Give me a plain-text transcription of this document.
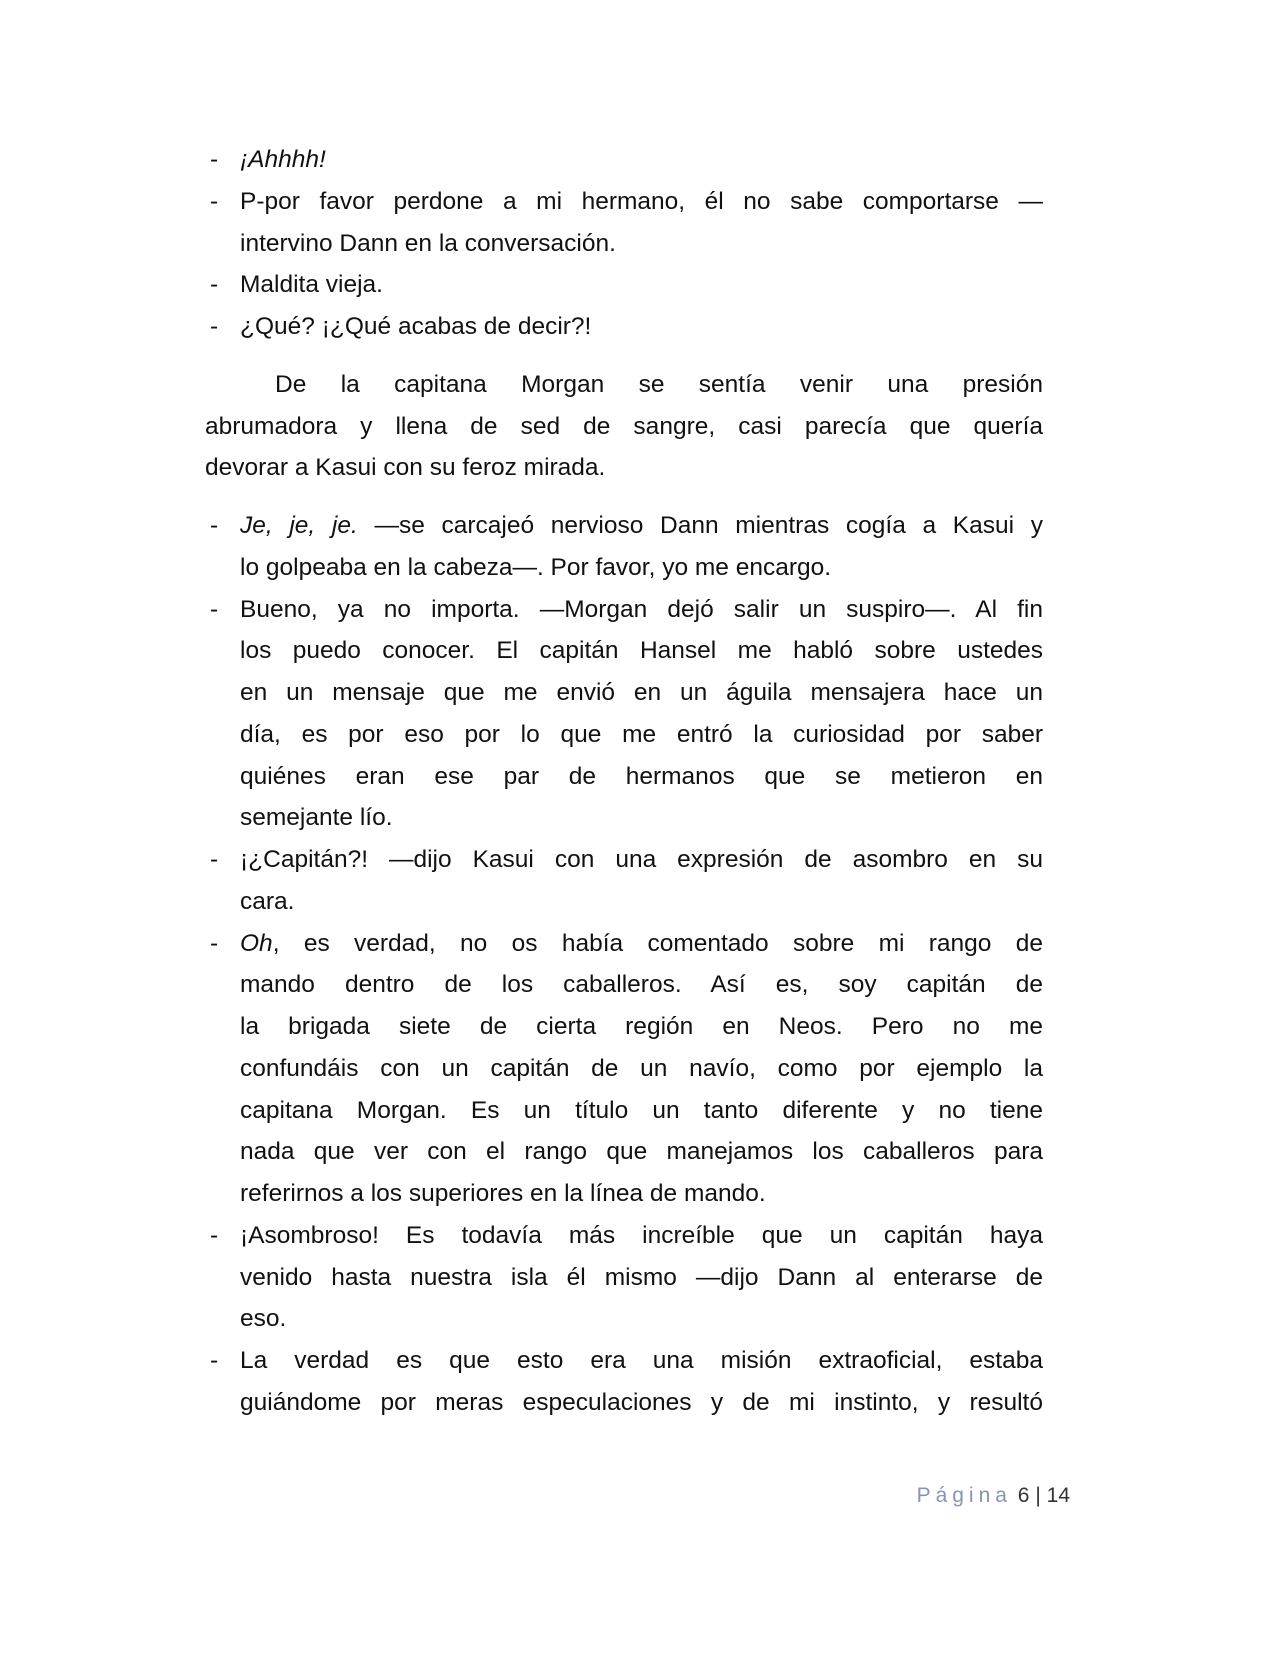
- ¡Ahhhh!
- P-por favor perdone a mi hermano, él no sabe comportarse —
intervino Dann en la conversación.
- Maldita vieja.
- ¿Qué? ¡¿Qué acabas de decir?!
De la capitana Morgan se sentía venir una presión
abrumadora y llena de sed de sangre, casi parecía que quería
devorar a Kasui con su feroz mirada.
- Je, je, je. —se carcajeó nervioso Dann mientras cogía a Kasui y
lo golpeaba en la cabeza—. Por favor, yo me encargo.
- Bueno, ya no importa. —Morgan dejó salir un suspiro—. Al fin
los puedo conocer. El capitán Hansel me habló sobre ustedes
en un mensaje que me envió en un águila mensajera hace un
día, es por eso por lo que me entró la curiosidad por saber
quiénes eran ese par de hermanos que se metieron en
semejante lío.
- ¡¿Capitán?! —dijo Kasui con una expresión de asombro en su
cara.
- Oh, es verdad, no os había comentado sobre mi rango de
mando dentro de los caballeros. Así es, soy capitán de
la brigada siete de cierta región en Neos. Pero no me
confundáis con un capitán de un navío, como por ejemplo la
capitana Morgan. Es un título un tanto diferente y no tiene
nada que ver con el rango que manejamos los caballeros para
referirnos a los superiores en la línea de mando.
- ¡Asombroso! Es todavía más increíble que un capitán haya
venido hasta nuestra isla él mismo —dijo Dann al enterarse de
eso.
- La verdad es que esto era una misión extraoficial, estaba
guiándome por meras especulaciones y de mi instinto, y resultó
Página 6 | 14
